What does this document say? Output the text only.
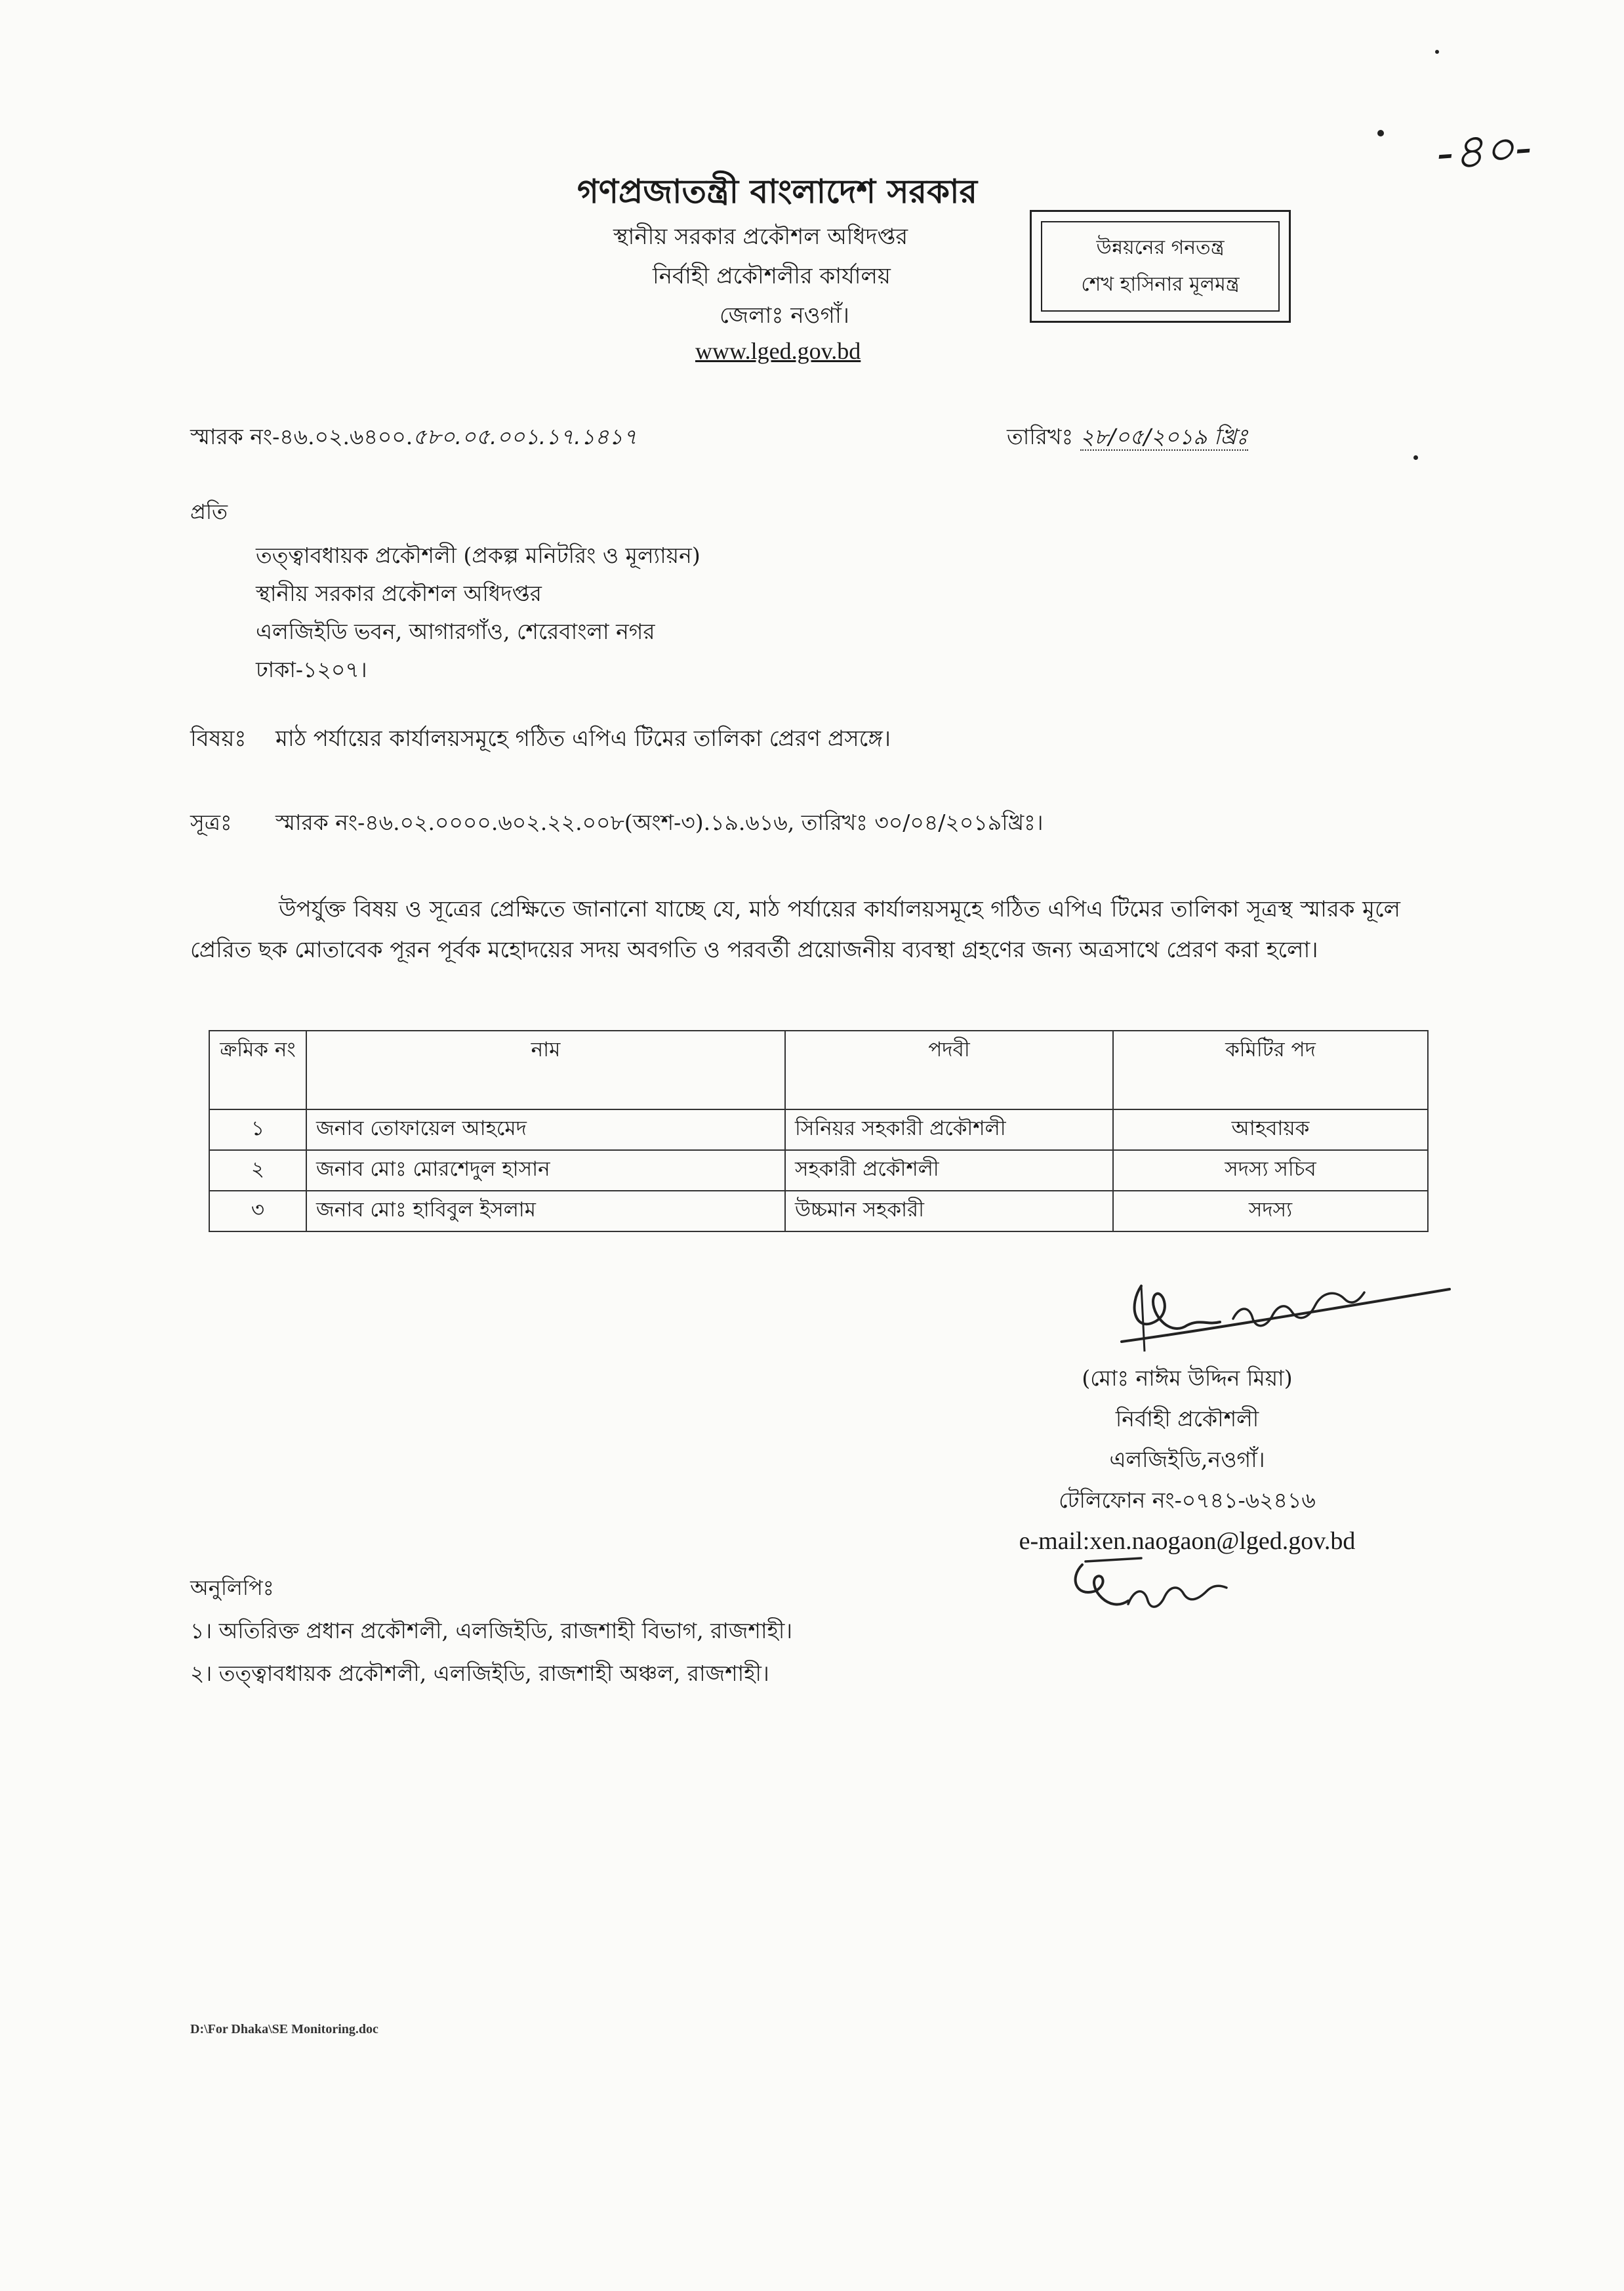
-৪০-
গণপ্রজাতন্ত্রী বাংলাদেশ সরকার
স্থানীয় সরকার প্রকৌশল অধিদপ্তর
নির্বাহী প্রকৌশলীর কার্যালয়
জেলাঃ নওগাঁ।
www.lged.gov.bd
উন্নয়নের গনতন্ত্র
শেখ হাসিনার মূলমন্ত্র
স্মারক নং-৪৬.০২.৬৪০০.৫৮০.০৫.০০১.১৭.১৪১৭	তারিখঃ ২৮/০৫/২০১৯ খ্রিঃ
প্রতি
তত্ত্বাবধায়ক প্রকৌশলী (প্রকল্প মনিটরিং ও মূল্যায়ন)
স্থানীয় সরকার প্রকৌশল অধিদপ্তর
এলজিইডি ভবন, আগারগাঁও, শেরেবাংলা নগর
ঢাকা-১২০৭।
বিষয়ঃ মাঠ পর্যায়ের কার্যালয়সমূহে গঠিত এপিএ টিমের তালিকা প্রেরণ প্রসঙ্গে।
সূত্রঃ স্মারক নং-৪৬.০২.০০০০.৬০২.২২.০০৮(অংশ-৩).১৯.৬১৬, তারিখঃ ৩০/০৪/২০১৯খ্রিঃ।
উপর্যুক্ত বিষয় ও সূত্রের প্রেক্ষিতে জানানো যাচ্ছে যে, মাঠ পর্যায়ের কার্যালয়সমূহে গঠিত এপিএ টিমের তালিকা সূত্রস্থ স্মারক মূলে প্রেরিত ছক মোতাবেক পূরন পূর্বক মহোদয়ের সদয় অবগতি ও পরবর্তী প্রয়োজনীয় ব্যবস্থা গ্রহণের জন্য অত্রসাথে প্রেরণ করা হলো।
ক্রমিক নং	নাম	পদবী	কমিটির পদ
১	জনাব তোফায়েল আহমেদ	সিনিয়র সহকারী প্রকৌশলী	আহবায়ক
২	জনাব মোঃ মোরশেদুল হাসান	সহকারী প্রকৌশলী	সদস্য সচিব
৩	জনাব মোঃ হাবিবুল ইসলাম	উচ্চমান সহকারী	সদস্য
(মোঃ নাঈম উদ্দিন মিয়া)
নির্বাহী প্রকৌশলী
এলজিইডি,নওগাঁ।
টেলিফোন নং-০৭৪১-৬২৪১৬
e-mail:xen.naogaon@lged.gov.bd
অনুলিপিঃ
১। অতিরিক্ত প্রধান প্রকৌশলী, এলজিইডি, রাজশাহী বিভাগ, রাজশাহী।
২। তত্ত্বাবধায়ক প্রকৌশলী, এলজিইডি, রাজশাহী অঞ্চল, রাজশাহী।
D:\For Dhaka\SE Monitoring.doc
